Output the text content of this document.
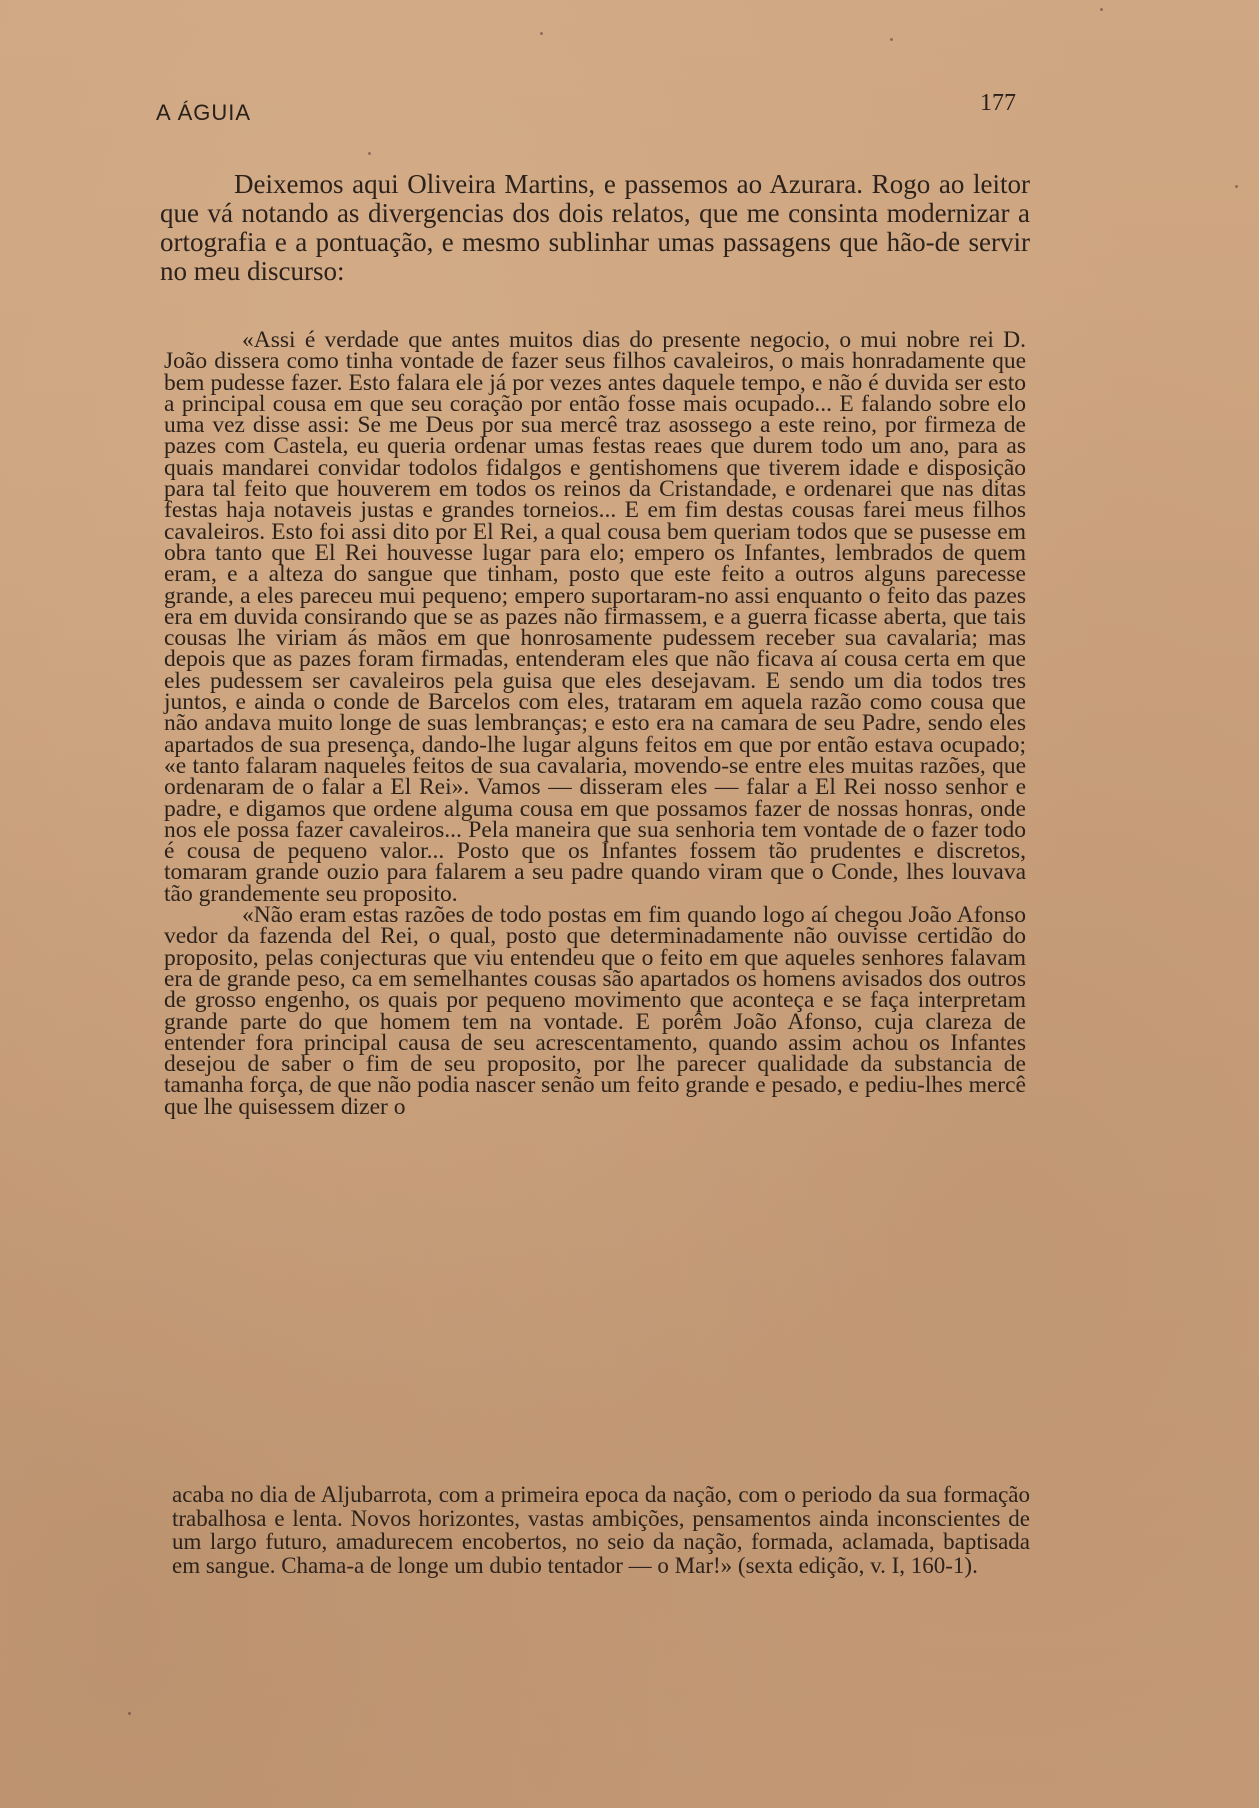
A ÁGUIA	177

Deixemos aqui Oliveira Martins, e passemos ao Azurara. Rogo ao leitor que vá notando as divergencias dos dois relatos, que me consinta modernizar a ortografia e a pontuação, e mesmo sublinhar umas passagens que hão-de servir no meu discurso:

«Assi é verdade que antes muitos dias do presente negocio, o mui nobre rei D. João dissera como tinha vontade de fazer seus filhos cavaleiros, o mais honradamente que bem pudesse fazer. Esto falara ele já por vezes antes daquele tempo, e não é duvida ser esto a principal cousa em que seu coração por então fosse mais ocupado... E falando sobre elo uma vez disse assi: Se me Deus por sua mercê traz asossego a este reino, por firmeza de pazes com Castela, eu queria ordenar umas festas reaes que durem todo um ano, para as quais mandarei convidar todolos fidalgos e gentishomens que tiverem idade e disposição para tal feito que houverem em todos os reinos da Cristandade, e ordenarei que nas ditas festas haja notaveis justas e grandes torneios... E em fim destas cousas farei meus filhos cavaleiros. Esto foi assi dito por El Rei, a qual cousa bem queriam todos que se pusesse em obra tanto que El Rei houvesse lugar para elo; empero os Infantes, lembrados de quem eram, e a alteza do sangue que tinham, posto que este feito a outros alguns parecesse grande, a eles pareceu mui pequeno; empero suportaram-no assi enquanto o feito das pazes era em duvida consirando que se as pazes não firmassem, e a guerra ficasse aberta, que tais cousas lhe viriam ás mãos em que honrosamente pudessem receber sua cavalaria; mas depois que as pazes foram firmadas, entenderam eles que não ficava aí cousa certa em que eles pudessem ser cavaleiros pela guisa que eles desejavam. E sendo um dia todos tres juntos, e ainda o conde de Barcelos com eles, trataram em aquela razão como cousa que não andava muito longe de suas lembranças; e esto era na camara de seu Padre, sendo eles apartados de sua presença, dando-lhe lugar alguns feitos em que por então estava ocupado; «e tanto falaram naqueles feitos de sua cavalaria, movendo-se entre eles muitas razões, que ordenaram de o falar a El Rei». Vamos — disseram eles — falar a El Rei nosso senhor e padre, e digamos que ordene alguma cousa em que possamos fazer de nossas honras, onde nos ele possa fazer cavaleiros... Pela maneira que sua senhoria tem vontade de o fazer todo é cousa de pequeno valor... Posto que os Infantes fossem tão prudentes e discretos, tomaram grande ouzio para falarem a seu padre quando viram que o Conde, lhes louvava tão grandemente seu proposito.

«Não eram estas razões de todo postas em fim quando logo aí chegou João Afonso vedor da fazenda del Rei, o qual, posto que determinadamente não ouvisse certidão do proposito, pelas conjecturas que viu entendeu que o feito em que aqueles senhores falavam era de grande peso, ca em semelhantes cousas são apartados os homens avisados dos outros de grosso engenho, os quais por pequeno movimento que aconteça e se faça interpretam grande parte do que homem tem na vontade. E porêm João Afonso, cuja clareza de entender fora principal causa de seu acrescentamento, quando assim achou os Infantes desejou de saber o fim de seu proposito, por lhe parecer qualidade da substancia de tamanha força, de que não podia nascer senão um feito grande e pesado, e pediu-lhes mercê que lhe quisessem dizer o

acaba no dia de Aljubarrota, com a primeira epoca da nação, com o periodo da sua formação trabalhosa e lenta. Novos horizontes, vastas ambições, pensamentos ainda inconscientes de um largo futuro, amadurecem encobertos, no seio da nação, formada, aclamada, baptisada em sangue. Chama-a de longe um dubio tentador — o Mar!» (sexta edição, v. I, 160-1).
